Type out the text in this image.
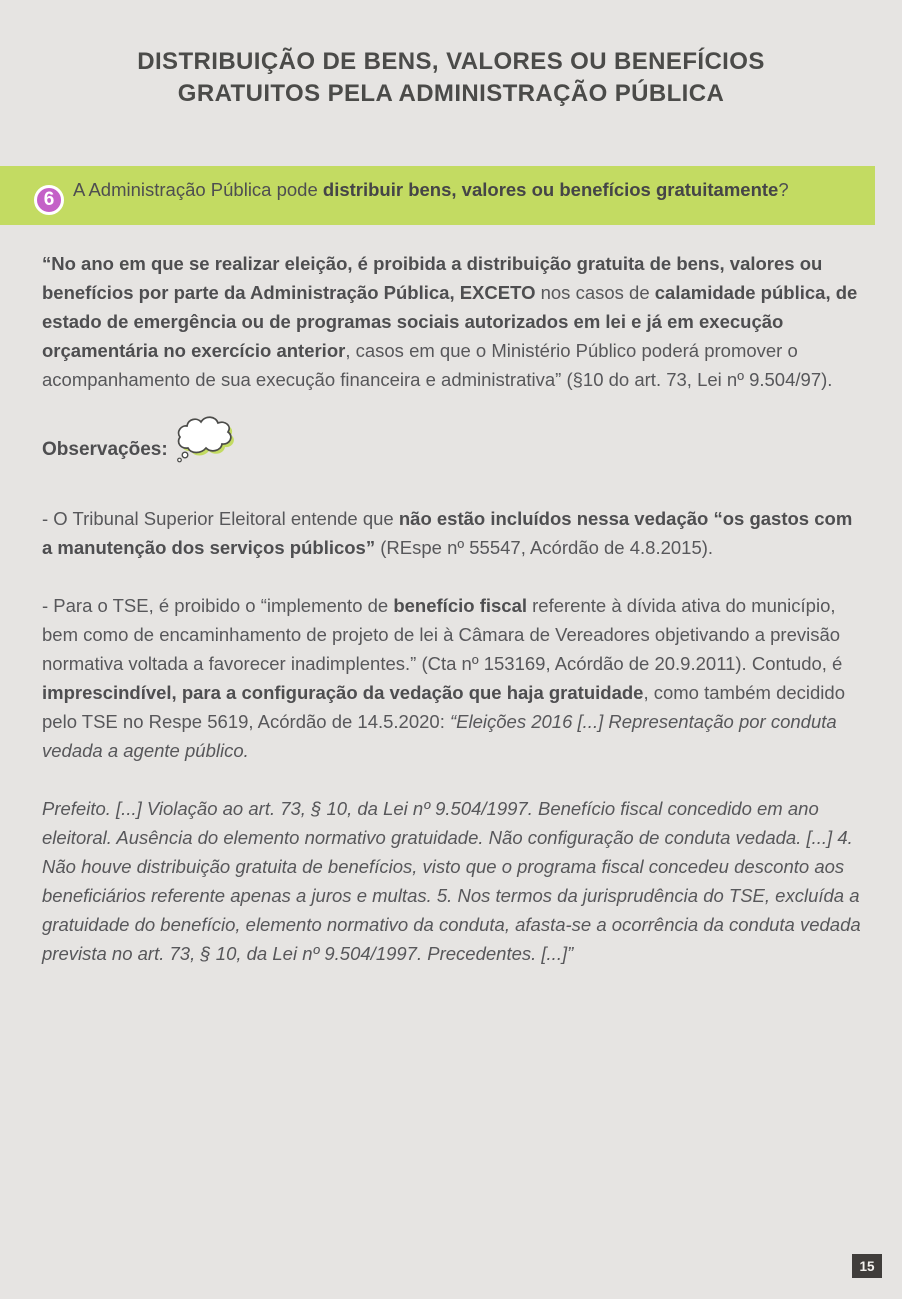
DISTRIBUIÇÃO DE BENS, VALORES OU BENEFÍCIOS
GRATUITOS PELA ADMINISTRAÇÃO PÚBLICA
6 A Administração Pública pode distribuir bens, valores ou benefícios gratuitamente?

“No ano em que se realizar eleição, é proibida a distribuição gratuita de bens, valores ou benefícios por parte da Administração Pública, EXCETO nos casos de calamidade pública, de estado de emergência ou de programas sociais autorizados em lei e já em execução orçamentária no exercício anterior, casos em que o Ministério Público poderá promover o acompanhamento de sua execução financeira e administrativa” (§10 do art. 73, Lei nº 9.504/97).

Observações:

- O Tribunal Superior Eleitoral entende que não estão incluídos nessa vedação “os gastos com a manutenção dos serviços públicos” (REspe nº 55547, Acórdão de 4.8.2015).

- Para o TSE, é proibido o “implemento de benefício fiscal referente à dívida ativa do município, bem como de encaminhamento de projeto de lei à Câmara de Vereadores objetivando a previsão normativa voltada a favorecer inadimplentes.” (Cta nº 153169, Acórdão de 20.9.2011). Contudo, é imprescindível, para a configuração da vedação que haja gratuidade, como também decidido pelo TSE no Respe 5619, Acórdão de 14.5.2020: “Eleições 2016 [...] Representação por conduta vedada a agente público.

Prefeito. [...] Violação ao art. 73, § 10, da Lei nº 9.504/1997. Benefício fiscal concedido em ano eleitoral. Ausência do elemento normativo gratuidade. Não configuração de conduta vedada. [...] 4. Não houve distribuição gratuita de benefícios, visto que o programa fiscal concedeu desconto aos beneficiários referente apenas a juros e multas. 5. Nos termos da jurisprudência do TSE, excluída a gratuidade do benefício, elemento normativo da conduta, afasta-se a ocorrência da conduta vedada prevista no art. 73, § 10, da Lei nº 9.504/1997. Precedentes. [...]”

15
